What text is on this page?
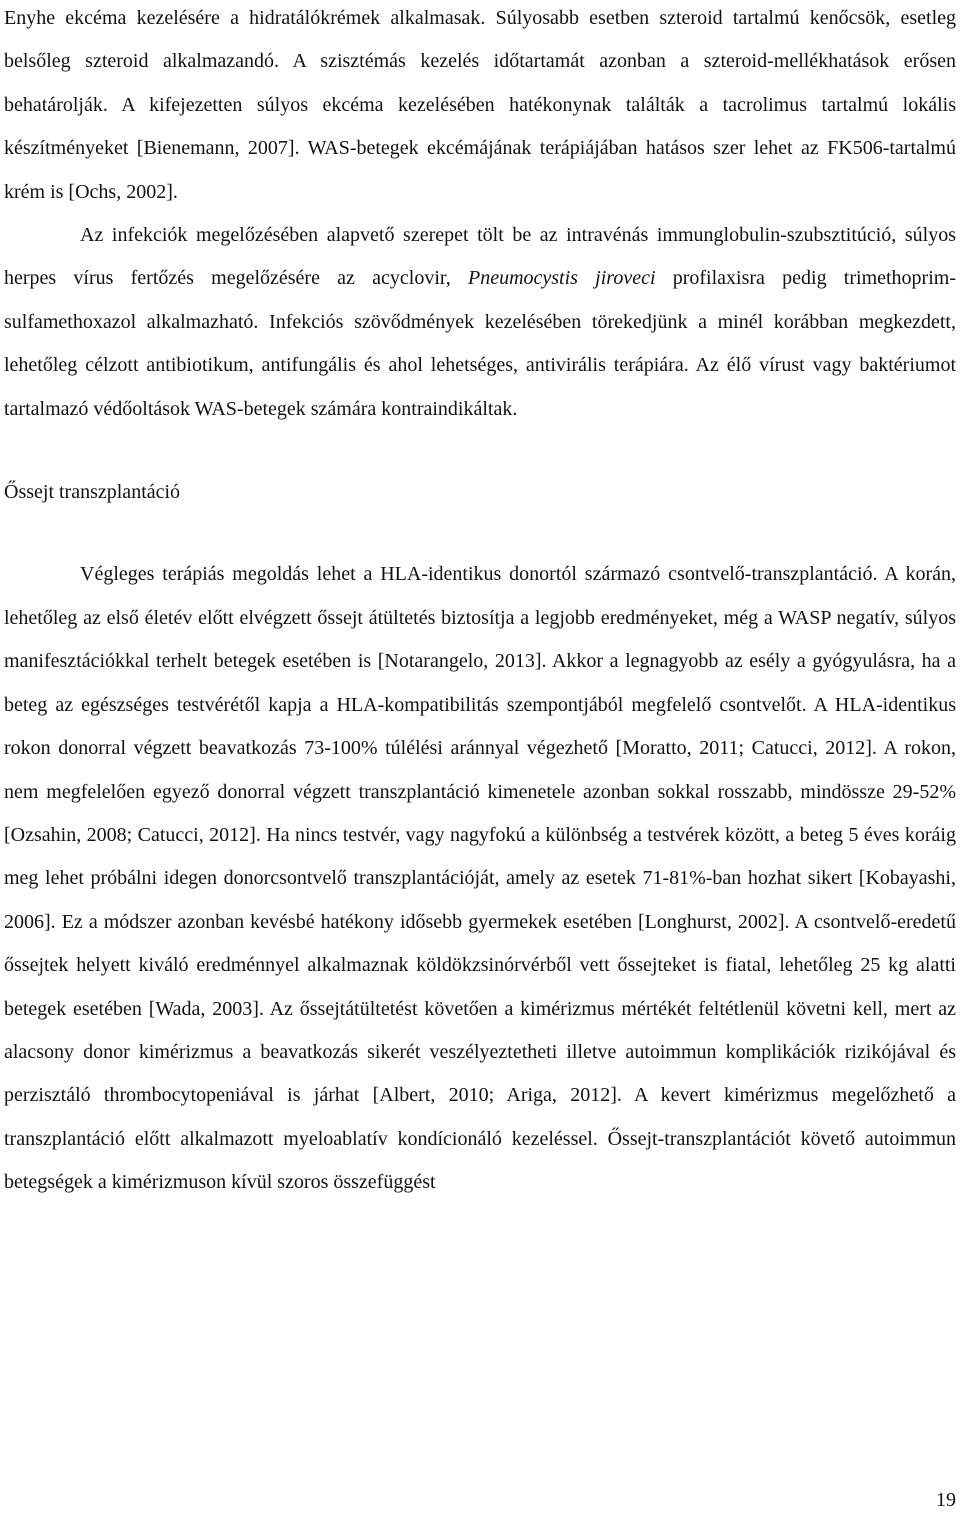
Enyhe ekcéma kezelésére a hidratálókrémek alkalmasak. Súlyosabb esetben szteroid tartalmú kenőcsök, esetleg belsőleg szteroid alkalmazandó. A szisztémás kezelés időtartamát azonban a szteroid-mellékhatások erősen behatárolják. A kifejezetten súlyos ekcéma kezelésében hatékonynak találták a tacrolimus tartalmú lokális készítményeket [Bienemann, 2007]. WAS-betegek ekcémájának terápiájában hatásos szer lehet az FK506-tartalmú krém is [Ochs, 2002].

Az infekciók megelőzésében alapvető szerepet tölt be az intravénás immunglobulin-szubsztitúció, súlyos herpes vírus fertőzés megelőzésére az acyclovir, Pneumocystis jiroveci profilaxisra pedig trimethoprim-sulfamethoxazol alkalmazható. Infekciós szövődmények kezelésében törekedjünk a minél korábban megkezdett, lehetőleg célzott antibiotikum, antifungális és ahol lehetséges, antivirális terápiára. Az élő vírust vagy baktériumot tartalmazó védőoltások WAS-betegek számára kontraindikáltak.

Őssejt transzplantáció

Végleges terápiás megoldás lehet a HLA-identikus donortól származó csontvelő-transzplantáció. A korán, lehetőleg az első életév előtt elvégzett őssejt átültetés biztosítja a legjobb eredményeket, még a WASP negatív, súlyos manifesztációkkal terhelt betegek esetében is [Notarangelo, 2013]. Akkor a legnagyobb az esély a gyógyulásra, ha a beteg az egészséges testvérétől kapja a HLA-kompatibilitás szempontjából megfelelő csontvelőt. A HLA-identikus rokon donorral végzett beavatkozás 73-100% túlélési aránnyal végezhető [Moratto, 2011; Catucci, 2012]. A rokon, nem megfelelően egyező donorral végzett transzplantáció kimenetele azonban sokkal rosszabb, mindössze 29-52% [Ozsahin, 2008; Catucci, 2012]. Ha nincs testvér, vagy nagyfokú a különbség a testvérek között, a beteg 5 éves koráig meg lehet próbálni idegen donorcsontvelő transzplantációját, amely az esetek 71-81%-ban hozhat sikert [Kobayashi, 2006]. Ez a módszer azonban kevésbé hatékony idősebb gyermekek esetében [Longhurst, 2002]. A csontvelő-eredetű őssejtek helyett kiváló eredménnyel alkalmaznak köldökzsinórvérből vett őssejteket is fiatal, lehetőleg 25 kg alatti betegek esetében [Wada, 2003]. Az őssejtátültetést követően a kimérizmus mértékét feltétlenül követni kell, mert az alacsony donor kimérizmus a beavatkozás sikerét veszélyeztetheti illetve autoimmun komplikációk rizikójával és perzisztáló thrombocytopeniával is járhat [Albert, 2010; Ariga, 2012]. A kevert kimérizmus megelőzhető a transzplantáció előtt alkalmazott myeloablatív kondícionáló kezeléssel. Őssejt-transzplantációt követő autoimmun betegségek a kimérizmuson kívül szoros összefüggést

19
